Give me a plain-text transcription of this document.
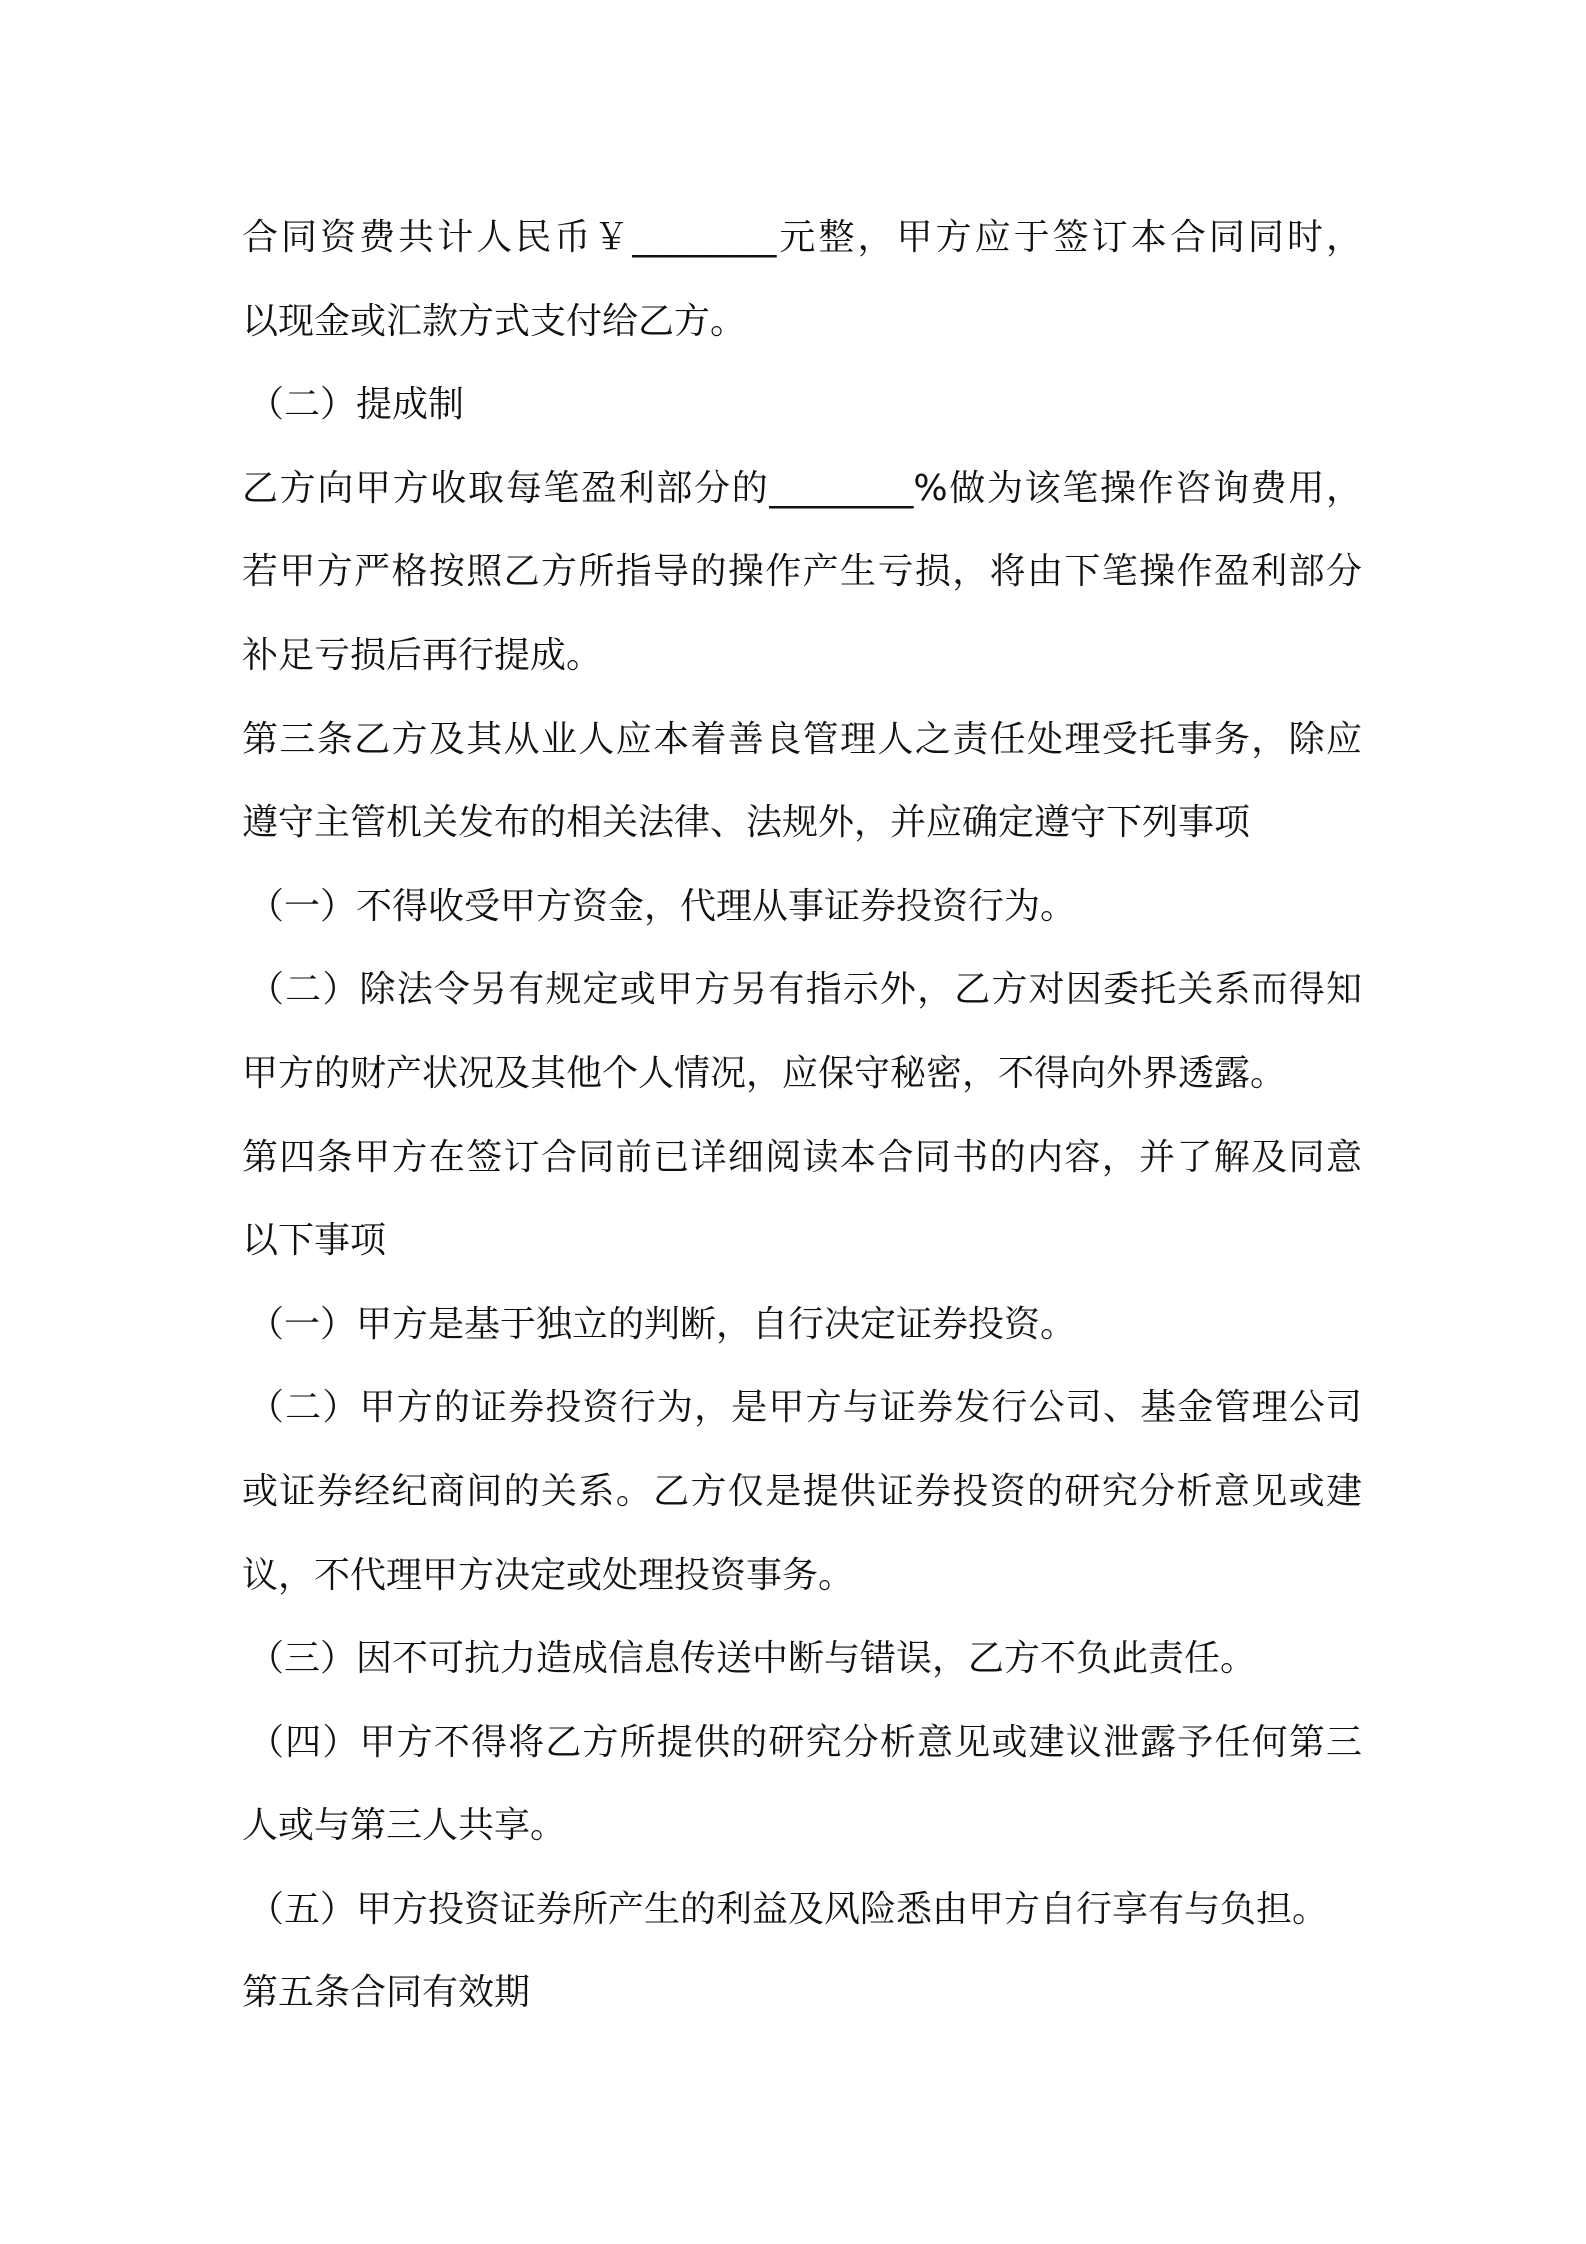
合同资费共计人民币￥________元整，甲方应于签订本合同同时，
以现金或汇款方式支付给乙方。
（二）提成制
乙方向甲方收取每笔盈利部分的________%做为该笔操作咨询费用，
若甲方严格按照乙方所指导的操作产生亏损，将由下笔操作盈利部分
补足亏损后再行提成。
第三条乙方及其从业人应本着善良管理人之责任处理受托事务，除应
遵守主管机关发布的相关法律、法规外，并应确定遵守下列事项
（一）不得收受甲方资金，代理从事证券投资行为。
（二）除法令另有规定或甲方另有指示外，乙方对因委托关系而得知
甲方的财产状况及其他个人情况，应保守秘密，不得向外界透露。
第四条甲方在签订合同前已详细阅读本合同书的内容，并了解及同意
以下事项
（一）甲方是基于独立的判断，自行决定证券投资。
（二）甲方的证券投资行为，是甲方与证券发行公司、基金管理公司
或证券经纪商间的关系。乙方仅是提供证券投资的研究分析意见或建
议，不代理甲方决定或处理投资事务。
（三）因不可抗力造成信息传送中断与错误，乙方不负此责任。
（四）甲方不得将乙方所提供的研究分析意见或建议泄露予任何第三
人或与第三人共享。
（五）甲方投资证券所产生的利益及风险悉由甲方自行享有与负担。
第五条合同有效期
